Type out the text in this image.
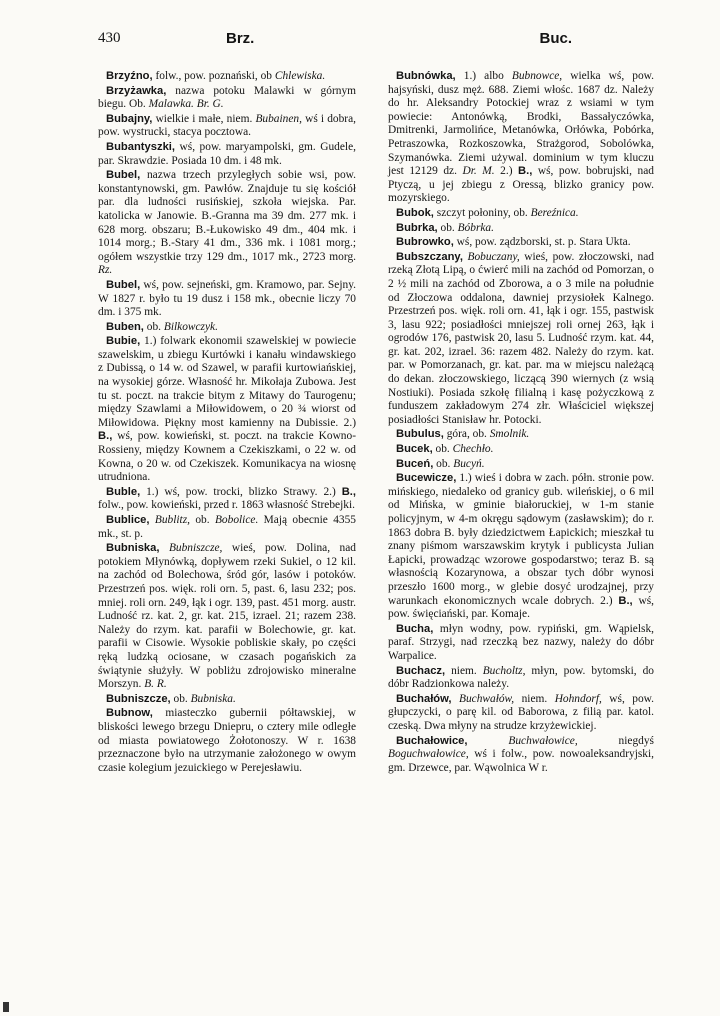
430	Brz.	Buc.

Brzyźno, folw., pow. poznański, ob Chlewiska.

Brzyżawka, nazwa potoku Malawki w górnym biegu. Ob. Malawka. Br. G.

Bubajny, wielkie i małe, niem. Bubainen, wś i dobra, pow. wystrucki, stacya pocztowa.

Bubantyszki, wś, pow. maryampolski, gm. Gudele, par. Skrawdzie. Posiada 10 dm. i 48 mk.

Bubel, nazwa trzech przyległych sobie wsi, pow. konstantynowski, gm. Pawłów. Znajduje tu się kościół par. dla ludności rusińskiej, szkoła wiejska. Par. katolicka w Janowie. B.-Granna ma 39 dm. 277 mk. i 628 morg. obszaru; B.-Łukowisko 49 dm., 404 mk. i 1014 morg.; B.-Stary 41 dm., 336 mk. i 1081 morg.; ogółem wszystkie trzy 129 dm., 1017 mk., 2723 morg. Rz.

Bubel, wś, pow. sejneński, gm. Kramowo, par. Sejny. W 1827 r. było tu 19 dusz i 158 mk., obecnie liczy 70 dm. i 375 mk.

Buben, ob. Bilkowczyk.

Bubie, 1.) folwark ekonomii szawelskiej w powiecie szawelskim, u zbiegu Kurtówki i kanału windawskiego z Dubissą, o 14 w. od Szawel, w parafii kurtowiańskiej, na wysokiej górze. Własność hr. Mikołaja Zubowa. Jest tu st. poczt. na trakcie bitym z Mitawy do Taurogenu; między Szawlami a Miłowidowem, o 20 ¾ wiorst od Miłowidowa. Piękny most kamienny na Dubissie. 2.) B., wś, pow. kowieński, st. poczt. na trakcie Kowno-Rossieny, między Kownem a Czekiszkami, o 22 w. od Kowna, o 20 w. od Czekiszek. Komunikacya na wiosnę utrudniona.

Buble, 1.) wś, pow. trocki, blizko Strawy. 2.) B., folw., pow. kowieński, przed r. 1863 własność Strebejki.

Bublice, Bublitz, ob. Bobolice. Mają obecnie 4355 mk., st. p.

Bubniska, Bubniszcze, wieś, pow. Dolina, nad potokiem Młynówką, dopływem rzeki Sukiel, o 12 kil. na zachód od Bolechowa, śród gór, lasów i potoków. Przestrzeń pos. więk. roli orn. 5, past. 6, lasu 232; pos. mniej. roli orn. 249, łąk i ogr. 139, past. 451 morg. austr. Ludność rz. kat. 2, gr. kat. 215, izrael. 21; razem 238. Należy do rzym. kat. parafii w Bolechowie, gr. kat. parafii w Cisowie. Wysokie pobliskie skały, po części ręką ludzką ociosane, w czasach pogańskich za świątynie służyły. W pobliżu zdrojowisko mineralne Morszyn. B. R.

Bubniszcze, ob. Bubniska.

Bubnow, miasteczko gubernii półtawskiej, w bliskości lewego brzegu Dniepru, o cztery mile odległe od miasta powiatowego Żołotonoszy. W r. 1638 przeznaczone było na utrzymanie założonego w owym czasie kolegium jezuickiego w Perejesławiu.

Bubnówka, 1.) albo Bubnowce, wielka wś, pow. hajsyński, dusz męż. 688. Ziemi włośc. 1687 dz. Należy do hr. Aleksandry Potockiej wraz z wsiami w tym powiecie: Antonówką, Brodki, Bassałyczówka, Dmitrenki, Jarmolińce, Metanówka, Orłówka, Pobórka, Petraszowka, Rozkoszowka, Strażgorod, Sobolówka, Szymanówka. Ziemi używal. dominium w tym kluczu jest 12129 dz. Dr. M. 2.) B., wś, pow. bobrujski, nad Ptyczą, u jej zbiegu z Oressą, blizko granicy pow. mozyrskiego.

Bubok, szczyt połoniny, ob. Bereźnica.

Bubrka, ob. Bóbrka.

Bubrowko, wś, pow. ządzborski, st. p. Stara Ukta.

Bubszczany, Bobuczany, wieś, pow. złoczowski, nad rzeką Złotą Lipą, o ćwierć mili na zachód od Pomorzan, o 2 ½ mili na zachód od Zborowa, a o 3 mile na południe od Złoczowa oddalona, dawniej przysiołek Kalnego. Przestrzeń pos. więk. roli orn. 41, łąk i ogr. 155, pastwisk 3, lasu 922; posiadłości mniejszej roli ornej 263, łąk i ogrodów 176, pastwisk 20, lasu 5. Ludność rzym. kat. 44, gr. kat. 202, izrael. 36: razem 482. Należy do rzym. kat. par. w Pomorzanach, gr. kat. par. ma w miejscu należącą do dekan. złoczowskiego, liczącą 390 wiernych (z wsią Nostiuki). Posiada szkołę filialną i kasę pożyczkową z funduszem zakładowym 274 złr. Właściciel większej posiadłości Stanisław hr. Potocki.

Bubulus, góra, ob. Smolnik.

Bucek, ob. Chechło.

Buceń, ob. Bucyń.

Bucewicze, 1.) wieś i dobra w zach. półn. stronie pow. mińskiego, niedaleko od granicy gub. wileńskiej, o 6 mil od Mińska, w gminie białoruckiej, w 1-m stanie policyjnym, w 4-m okręgu sądowym (zasławskim); do r. 1863 dobra B. były dziedzictwem Łapickich; mieszkał tu znany piśmom warszawskim krytyk i publicysta Julian Łapicki, prowadząc wzorowe gospodarstwo; teraz B. są własnością Kozarynowa, a obszar tych dóbr wynosi przeszło 1600 morg., w glebie dosyć urodzajnej, przy warunkach ekonomicznych wcale dobrych. 2.) B., wś, pow. święciański, par. Komaje.

Bucha, młyn wodny, pow. rypiński, gm. Wąpielsk, paraf. Strzygi, nad rzeczką bez nazwy, należy do dóbr Warpalice.

Buchacz, niem. Bucholtz, młyn, pow. bytomski, do dóbr Radzionkowa należy.

Buchałów, Buchwałów, niem. Hohndorf, wś, pow. głupczycki, o parę kil. od Baborowa, z filią par. katol. czeską. Dwa młyny na strudze krzyżewickiej.

Buchałowice,	Buchwałowice, niegdyś Boguchwałowice, wś i folw., pow. nowoaleksandryjski, gm. Drzewce, par. Wąwolnica W r.
